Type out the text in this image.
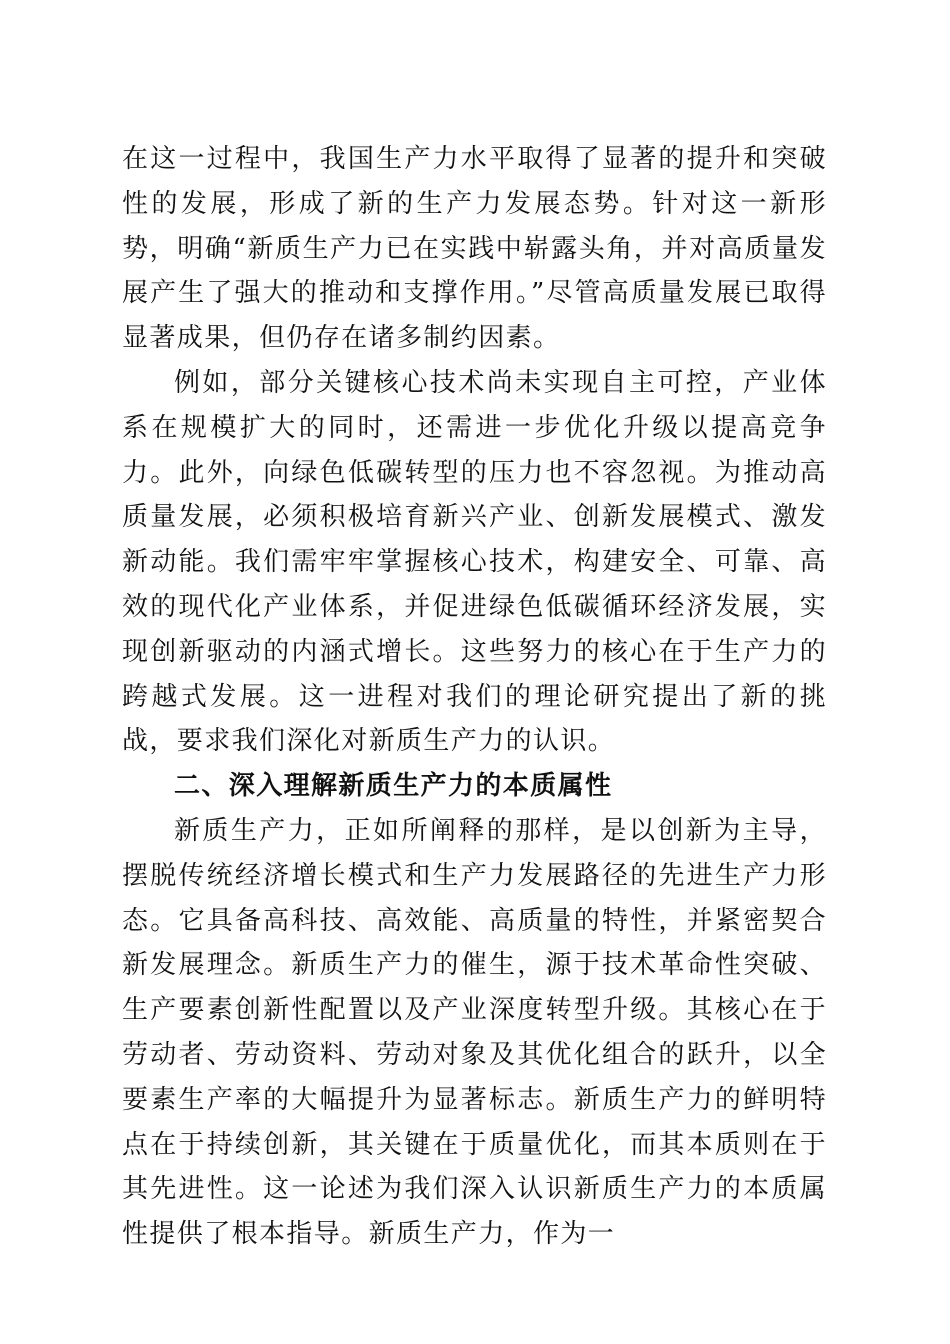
在这一过程中，我国生产力水平取得了显著的提升和突破性的发展，形成了新的生产力发展态势。针对这一新形势，明确“新质生产力已在实践中崭露头角，并对高质量发展产生了强大的推动和支撑作用。”尽管高质量发展已取得显著成果，但仍存在诸多制约因素。

例如，部分关键核心技术尚未实现自主可控，产业体系在规模扩大的同时，还需进一步优化升级以提高竞争力。此外，向绿色低碳转型的压力也不容忽视。为推动高质量发展，必须积极培育新兴产业、创新发展模式、激发新动能。我们需牢牢掌握核心技术，构建安全、可靠、高效的现代化产业体系，并促进绿色低碳循环经济发展，实现创新驱动的内涵式增长。这些努力的核心在于生产力的跨越式发展。这一进程对我们的理论研究提出了新的挑战，要求我们深化对新质生产力的认识。

二、深入理解新质生产力的本质属性

新质生产力，正如所阐释的那样，是以创新为主导，摆脱传统经济增长模式和生产力发展路径的先进生产力形态。它具备高科技、高效能、高质量的特性，并紧密契合新发展理念。新质生产力的催生，源于技术革命性突破、生产要素创新性配置以及产业深度转型升级。其核心在于劳动者、劳动资料、劳动对象及其优化组合的跃升，以全要素生产率的大幅提升为显著标志。新质生产力的鲜明特点在于持续创新，其关键在于质量优化，而其本质则在于其先进性。这一论述为我们深入认识新质生产力的本质属性提供了根本指导。新质生产力，作为一
